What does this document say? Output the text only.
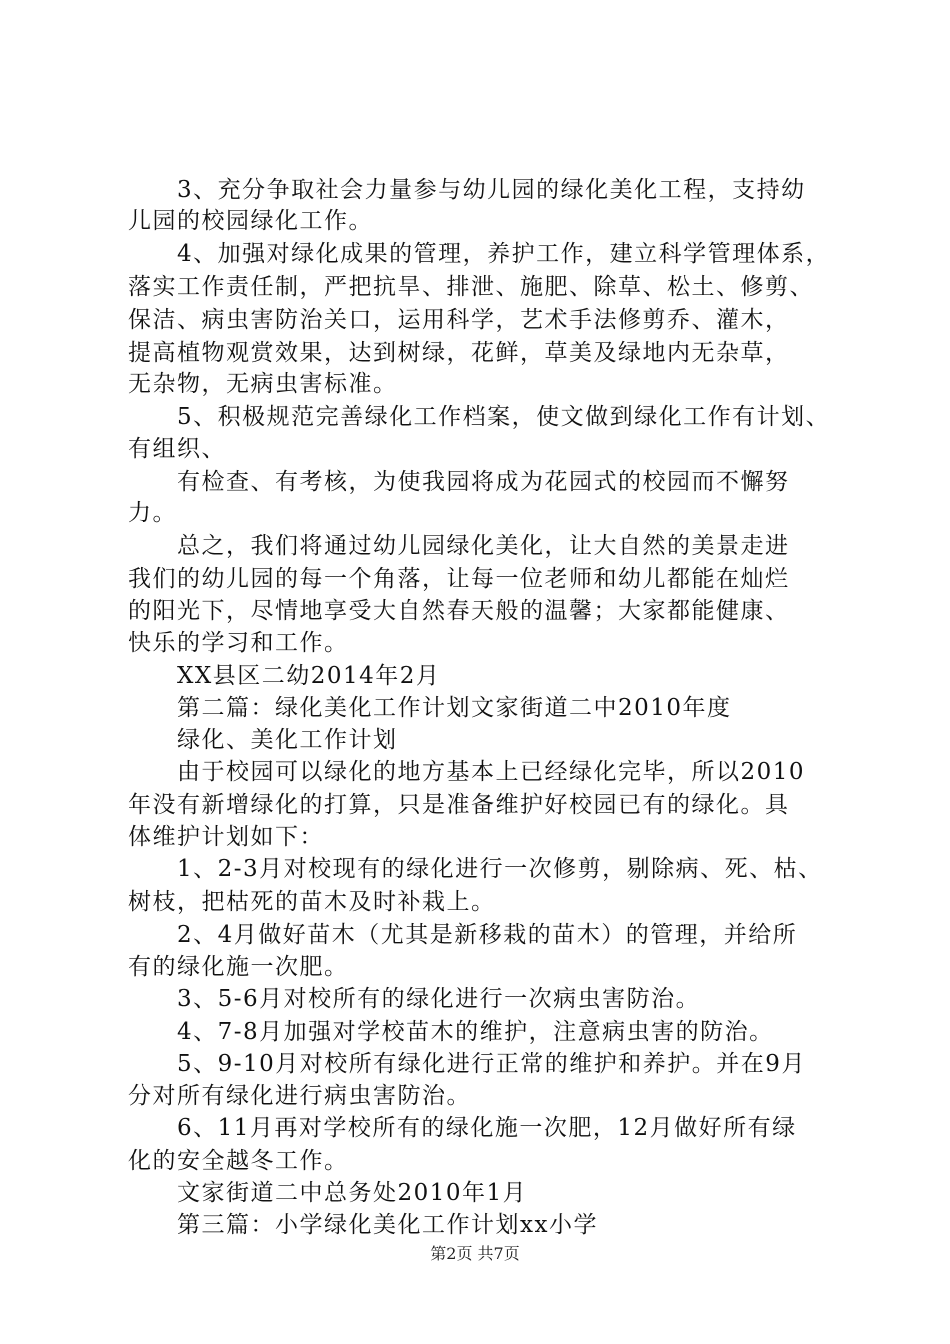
3、充分争取社会力量参与幼儿园的绿化美化工程，支持幼
儿园的校园绿化工作。
4、加强对绿化成果的管理，养护工作，建立科学管理体系，
落实工作责任制，严把抗旱、排泄、施肥、除草、松土、修剪、
保洁、病虫害防治关口，运用科学，艺术手法修剪乔、灌木，
提高植物观赏效果，达到树绿，花鲜，草美及绿地内无杂草，
无杂物，无病虫害标准。
5、积极规范完善绿化工作档案，使文做到绿化工作有计划、
有组织、
有检查、有考核，为使我园将成为花园式的校园而不懈努
力。
总之，我们将通过幼儿园绿化美化，让大自然的美景走进
我们的幼儿园的每一个角落，让每一位老师和幼儿都能在灿烂
的阳光下，尽情地享受大自然春天般的温馨；大家都能健康、
快乐的学习和工作。
XX县区二幼2014年2月
第二篇：绿化美化工作计划文家街道二中2010年度
绿化、美化工作计划
由于校园可以绿化的地方基本上已经绿化完毕，所以2010
年没有新增绿化的打算，只是准备维护好校园已有的绿化。具
体维护计划如下：
1、2-3月对校现有的绿化进行一次修剪，剔除病、死、枯、
树枝，把枯死的苗木及时补栽上。
2、4月做好苗木（尤其是新移栽的苗木）的管理，并给所
有的绿化施一次肥。
3、5-6月对校所有的绿化进行一次病虫害防治。
4、7-8月加强对学校苗木的维护，注意病虫害的防治。
5、9-10月对校所有绿化进行正常的维护和养护。并在9月
分对所有绿化进行病虫害防治。
6、11月再对学校所有的绿化施一次肥，12月做好所有绿
化的安全越冬工作。
文家街道二中总务处2010年1月
第三篇：小学绿化美化工作计划xx小学
第2页 共7页
